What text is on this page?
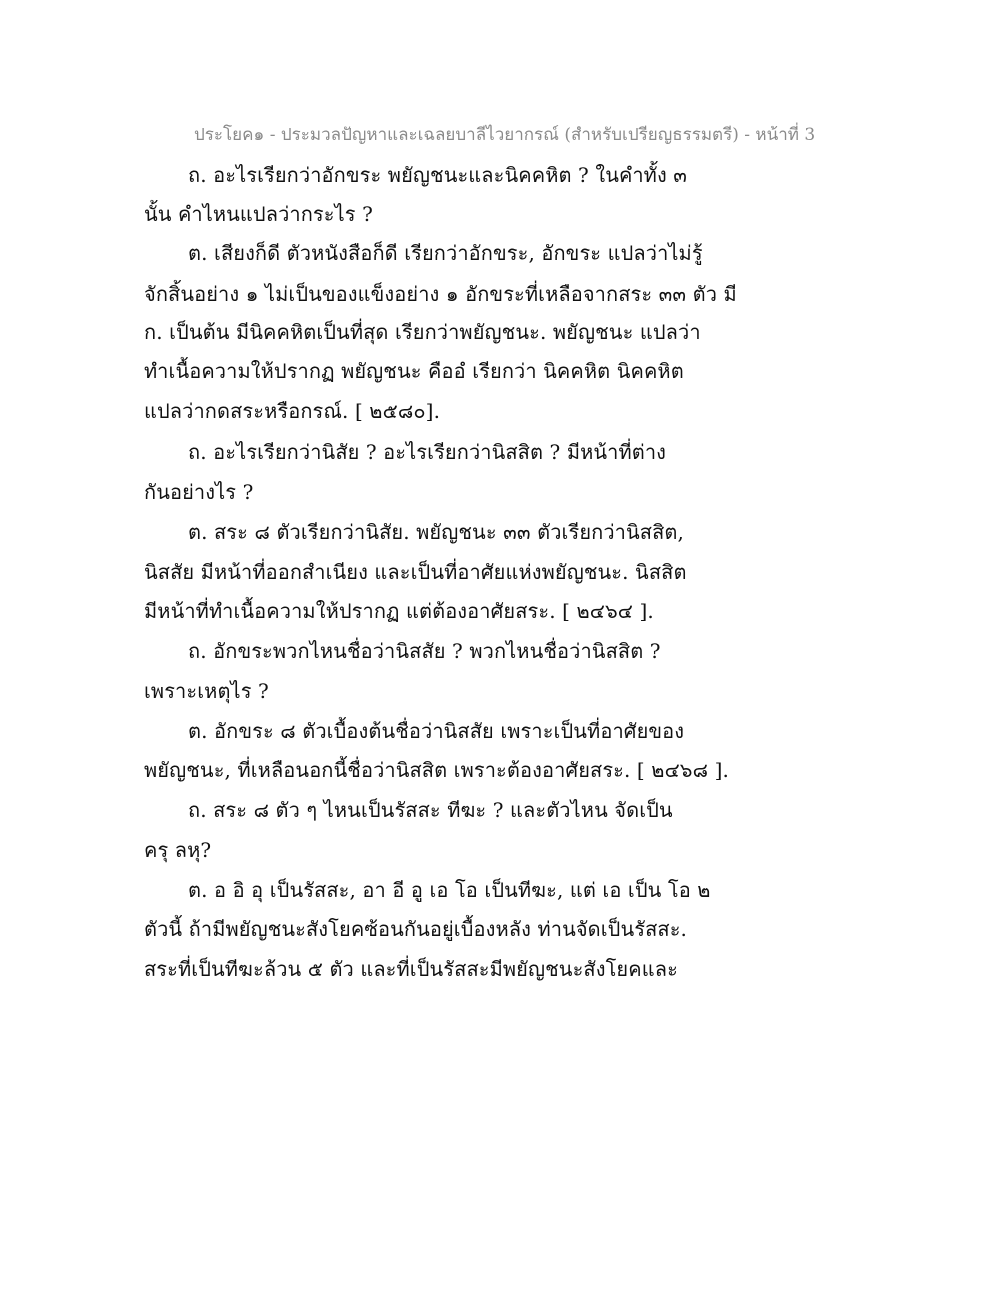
ประโยค๑ - ประมวลปัญหาและเฉลยบาลีไวยากรณ์ (สำหรับเปรียญธรรมตรี) - หน้าที่ 3
ถ. อะไรเรียกว่าอักขระ พยัญชนะและนิคคหิต ? ในคำทั้ง ๓
นั้น คำไหนแปลว่ากระไร ?
ต. เสียงก็ดี ตัวหนังสือก็ดี เรียกว่าอักขระ, อักขระ แปลว่าไม่รู้
จักสิ้นอย่าง ๑ ไม่เป็นของแข็งอย่าง ๑ อักขระที่เหลือจากสระ ๓๓ ตัว มี
ก. เป็นต้น มีนิคคหิตเป็นที่สุด เรียกว่าพยัญชนะ. พยัญชนะ แปลว่า
ทำเนื้อความให้ปรากฏ พยัญชนะ คืออํ เรียกว่า นิคคหิต นิคคหิต
แปลว่ากดสระหรือกรณ์. [ ๒๕๘๐].
ถ. อะไรเรียกว่านิสัย ? อะไรเรียกว่านิสสิต ? มีหน้าที่ต่าง
กันอย่างไร ?
ต. สระ ๘ ตัวเรียกว่านิสัย. พยัญชนะ ๓๓ ตัวเรียกว่านิสสิต,
นิสสัย มีหน้าที่ออกสำเนียง และเป็นที่อาศัยแห่งพยัญชนะ. นิสสิต
มีหน้าที่ทำเนื้อความให้ปรากฏ แต่ต้องอาศัยสระ. [ ๒๔๖๔ ].
ถ. อักขระพวกไหนชื่อว่านิสสัย ? พวกไหนชื่อว่านิสสิต ?
เพราะเหตุไร ?
ต. อักขระ ๘ ตัวเบื้องต้นชื่อว่านิสสัย เพราะเป็นที่อาศัยของ
พยัญชนะ, ที่เหลือนอกนี้ชื่อว่านิสสิต เพราะต้องอาศัยสระ. [ ๒๔๖๘ ].
ถ. สระ ๘ ตัว ๆ ไหนเป็นรัสสะ ทีฆะ ? และตัวไหน จัดเป็น
ครุ ลหุ?
ต. อ อิ อุ เป็นรัสสะ, อา อี อู เอ โอ เป็นทีฆะ, แต่ เอ เป็น โอ ๒
ตัวนี้ ถ้ามีพยัญชนะสังโยคซ้อนกันอยู่เบื้องหลัง ท่านจัดเป็นรัสสะ.
สระที่เป็นทีฆะล้วน ๕ ตัว และที่เป็นรัสสะมีพยัญชนะสังโยคและ
